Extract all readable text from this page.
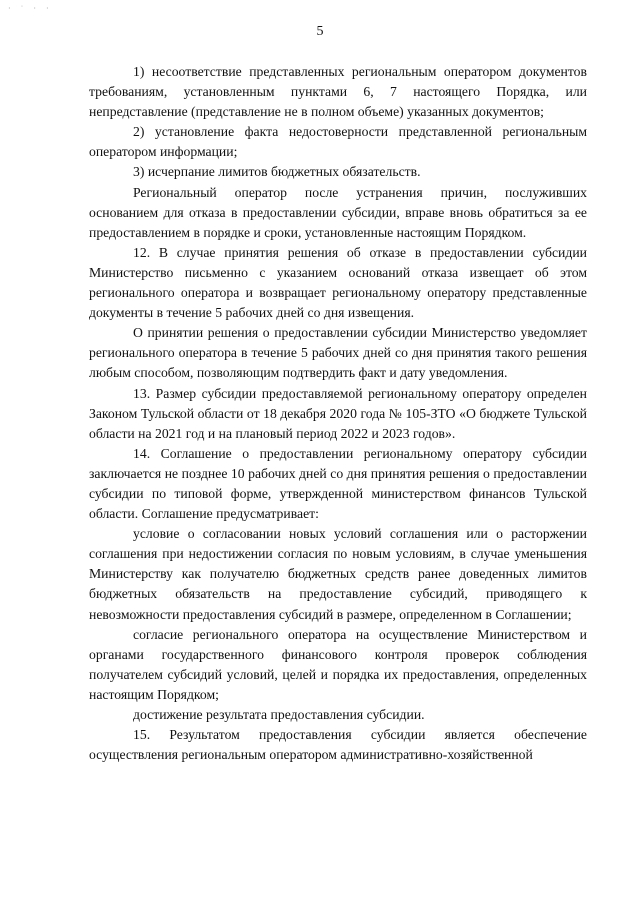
· ˙ · ·
5

1) несоответствие представленных региональным оператором документов требованиям, установленным пунктами 6, 7 настоящего Порядка, или непредставление (представление не в полном объеме) указанных документов;

2) установление факта недостоверности представленной региональным оператором информации;

3) исчерпание лимитов бюджетных обязательств.

Региональный оператор после устранения причин, послуживших основанием для отказа в предоставлении субсидии, вправе вновь обратиться за ее предоставлением в порядке и сроки, установленные настоящим Порядком.

12. В случае принятия решения об отказе в предоставлении субсидии Министерство письменно с указанием оснований отказа извещает об этом регионального оператора и возвращает региональному оператору представленные документы в течение 5 рабочих дней со дня извещения.

О принятии решения о предоставлении субсидии Министерство уведомляет регионального оператора в течение 5 рабочих дней со дня принятия такого решения любым способом, позволяющим подтвердить факт и дату уведомления.

13. Размер субсидии предоставляемой региональному оператору определен Законом Тульской области от 18 декабря 2020 года № 105-ЗТО «О бюджете Тульской области на 2021 год и на плановый период 2022 и 2023 годов».

14. Соглашение о предоставлении региональному оператору субсидии заключается не позднее 10 рабочих дней со дня принятия решения о предоставлении субсидии по типовой форме, утвержденной министерством финансов Тульской области. Соглашение предусматривает:

условие о согласовании новых условий соглашения или о расторжении соглашения при недостижении согласия по новым условиям, в случае уменьшения Министерству как получателю бюджетных средств ранее доведенных лимитов бюджетных обязательств на предоставление субсидий, приводящего к невозможности предоставления субсидий в размере, определенном в Соглашении;

согласие регионального оператора на осуществление Министерством и органами государственного финансового контроля проверок соблюдения получателем субсидий условий, целей и порядка их предоставления, определенных настоящим Порядком;

достижение результата предоставления субсидии.

15. Результатом предоставления субсидии является обеспечение осуществления региональным оператором административно-хозяйственной
